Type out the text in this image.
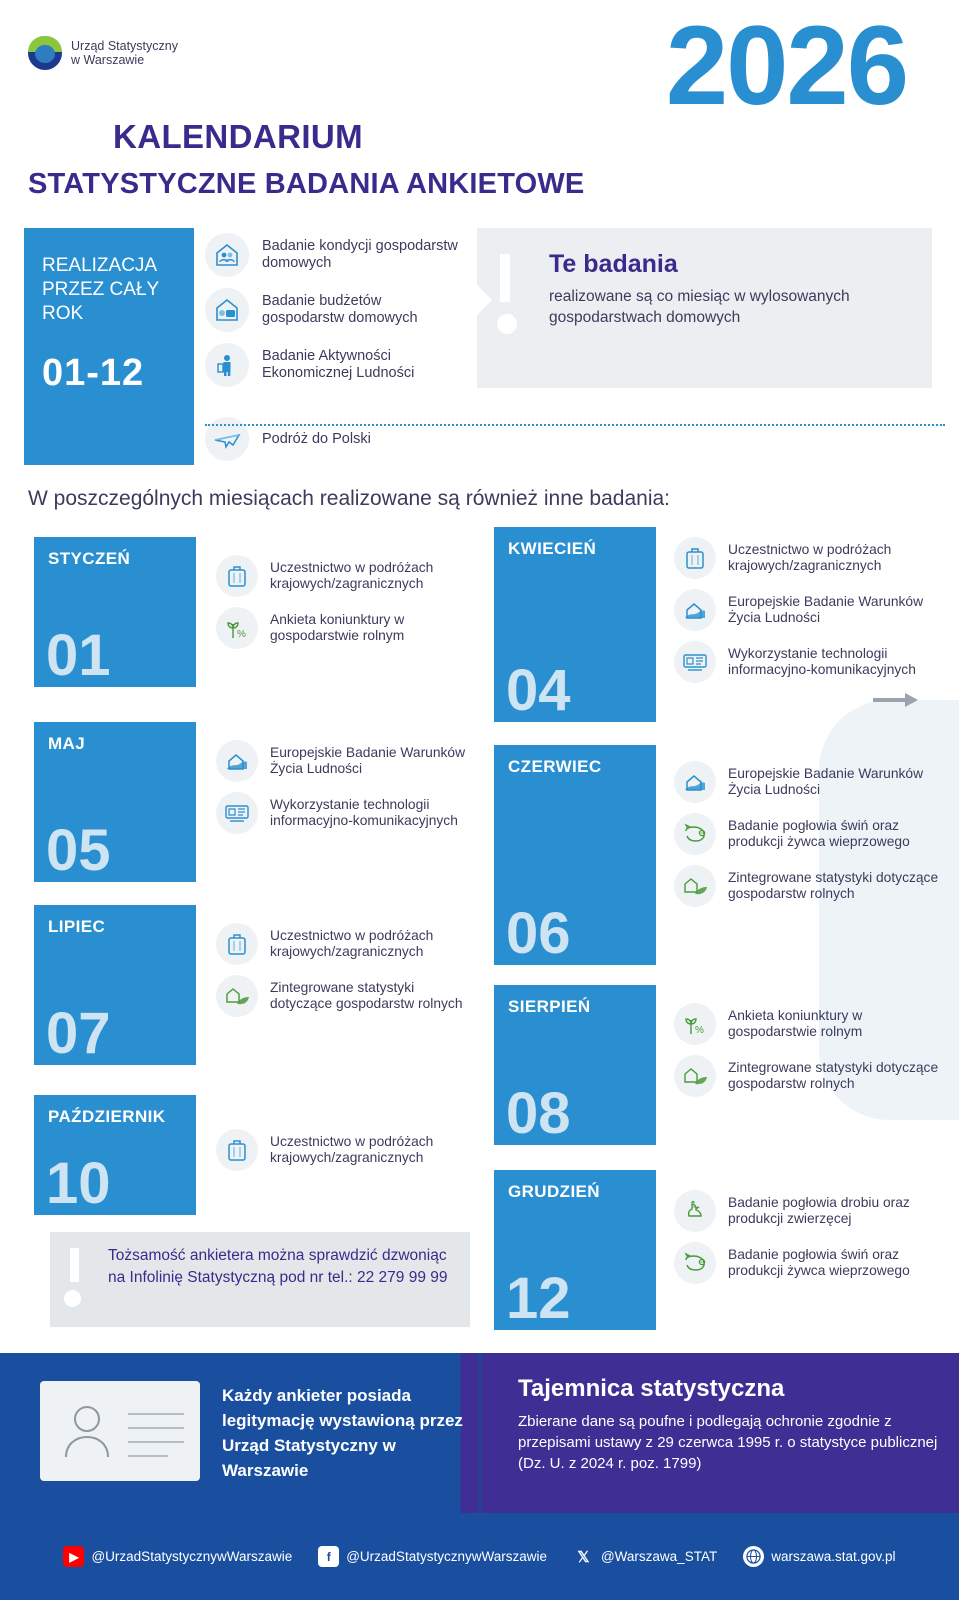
Urząd Statystyczny
w Warszawie	2026
KALENDARIUM
STATYSTYCZNE BADANIA ANKIETOWE
REALIZACJA
PRZEZ CAŁY
ROK
01-12
Badanie kondycji gospodarstw domowych
Badanie budżetów gospodarstw domowych
Badanie Aktywności Ekonomicznej Ludności
Podróż do Polski
Te badania

realizowane są co miesiąc w wylosowanych gospodarstwach domowych

W poszczególnych miesiącach realizowane są również inne badania:
STYCZEŃ
01
Uczestnictwo w podróżach krajowych/zagranicznych
%
Ankieta koniunktury w gospodarstwie rolnym
KWIECIEŃ
04
Uczestnictwo w podróżach krajowych/zagranicznych
Europejskie Badanie Warunków Życia Ludności
Wykorzystanie technologii informacyjno-komunikacyjnych
MAJ
05
Europejskie Badanie Warunków Życia Ludności
Wykorzystanie technologii informacyjno-komunikacyjnych
CZERWIEC
06
Europejskie Badanie Warunków Życia Ludności
Badanie pogłowia świń oraz produkcji żywca wieprzowego
Zintegrowane statystyki dotyczące gospodarstw rolnych
LIPIEC
07
Uczestnictwo w podróżach krajowych/zagranicznych
Zintegrowane statystyki dotyczące gospodarstw rolnych	SIERPIEŃ
08
%
Ankieta koniunktury w gospodarstwie rolnym
Zintegrowane statystyki dotyczące gospodarstw rolnych
PAŹDZIERNIK
10
Uczestnictwo w podróżach krajowych/zagranicznych
GRUDZIEŃ
12
Badanie pogłowia drobiu oraz produkcji zwierzęcej
Badanie pogłowia świń oraz produkcji żywca wieprzowego

Tożsamość ankietera można sprawdzić dzwoniąc na Infolinię Statystyczną pod nr tel.: 22 279 99 99

Każdy ankieter posiada legitymację wystawioną przez Urząd Statystyczny w Warszawie
Tajemnica statystyczna
Zbierane dane są poufne i podlegają ochronie zgodnie z przepisami ustawy z 29 czerwca 1995 r. o statystyce publicznej (Dz. U. z 2024 r. poz. 1799)
▶ @UrzadStatystycznywWarszawie	f	@UrzadStatystycznywWarszawie 𝕏 @Warszawa_STAT	warszawa.stat.gov.pl
